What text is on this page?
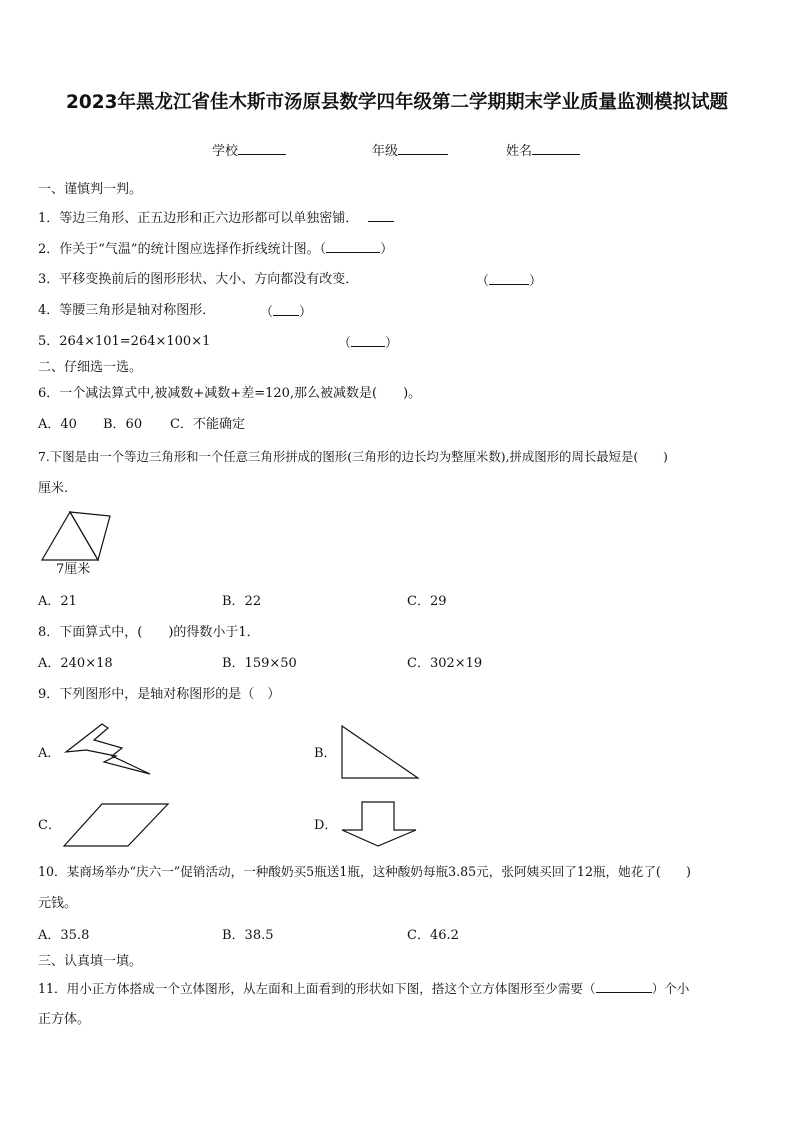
2023年黑龙江省佳木斯市汤原县数学四年级第二学期期末学业质量监测模拟试题
学校	年级	姓名
一、谨慎判一判。
1．等边三角形、正五边形和正六边形都可以单独密铺．
2．作关于“气温”的统计图应选择作折线统计图。（	）
3．平移变换前后的图形形状、大小、方向都没有改变．	（	）
4．等腰三角形是轴对称图形．	（ ）
5．264×101=264×100×1	（	）
二、仔细选一选。
6．一个减法算式中,被减数+减数+差=120,那么被减数是(　　)。
A．40 B．60 C．不能确定
7.下图是由一个等边三角形和一个任意三角形拼成的图形(三角形的边长均为整厘米数),拼成图形的周长最短是(　　)
厘米.
7厘米
A．21	B．22	C．29
8．下面算式中，(　　)的得数小于1．
A．240×18	B．159×50	C．302×19
9．下列图形中，是轴对称图形的是（　）
A．	B．
C．	D．
10．某商场举办“庆六一”促销活动，一种酸奶买5瓶送1瓶，这种酸奶每瓶3.85元，张阿姨买回了12瓶，她花了(　　)
元钱。
A．35.8	B．38.5	C．46.2
三、认真填一填。
11．用小正方体搭成一个立体图形，从左面和上面看到的形状如下图，搭这个立方体图形至少需要（	）个小
正方体。
